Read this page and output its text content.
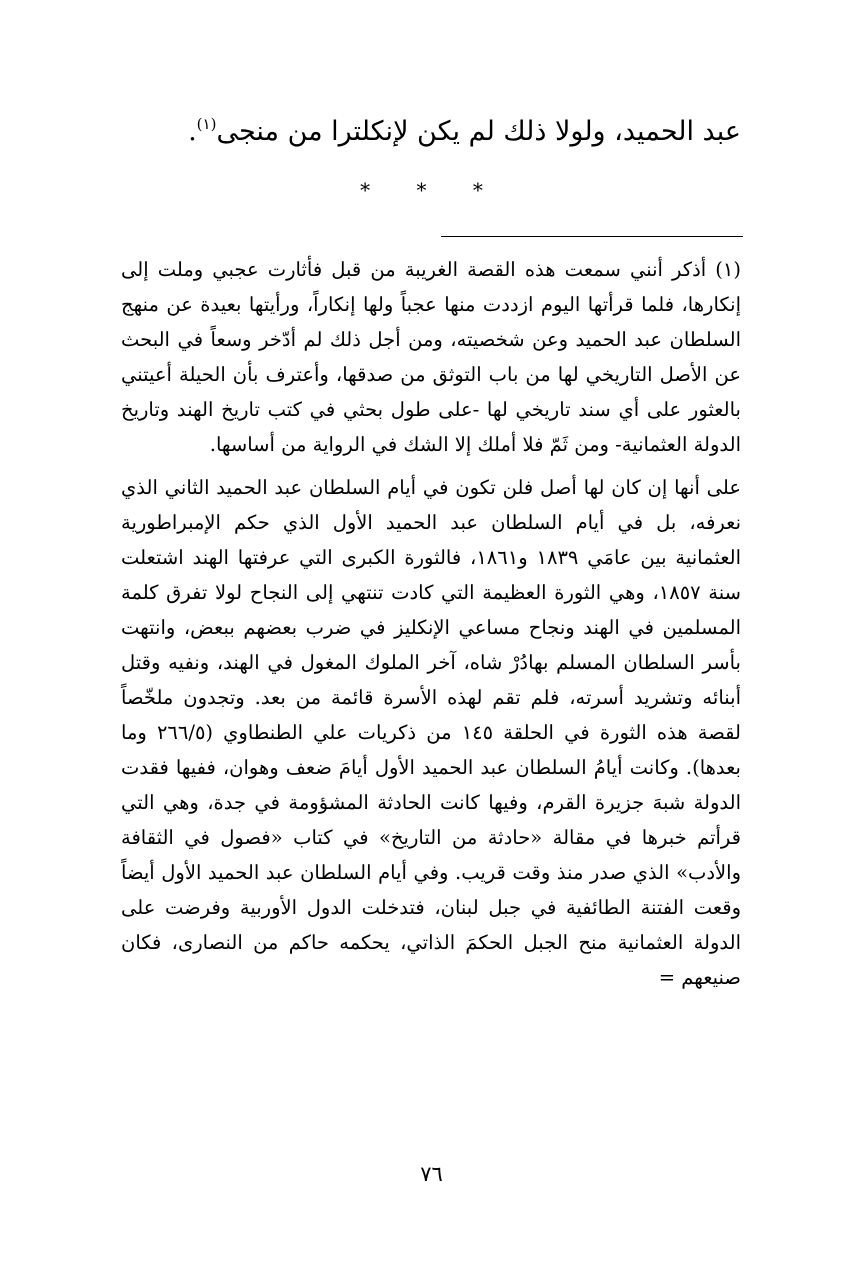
عبد الحميد، ولولا ذلك لم يكن لإنكلترا من منجى$^{(١)}$.
* * *

(١) أذكر أنني سمعت هذه القصة الغريبة من قبل فأثارت عجبي وملت إلى إنكارها، فلما قرأتها اليوم ازددت منها عجباً ولها إنكاراً، ورأيتها بعيدة عن منهج السلطان عبد الحميد وعن شخصيته، ومن أجل ذلك لم أدّخر وسعاً في البحث عن الأصل التاريخي لها من باب التوثق من صدقها، وأعترف بأن الحيلة أعيتني بالعثور على أي سند تاريخي لها -على طول بحثي في كتب تاريخ الهند وتاريخ الدولة العثمانية- ومن ثَمّ فلا أملك إلا الشك في الرواية من أساسها.

على أنها إن كان لها أصل فلن تكون في أيام السلطان عبد الحميد الثاني الذي نعرفه، بل في أيام السلطان عبد الحميد الأول الذي حكم الإمبراطورية العثمانية بين عامَي ١٨٣٩ و١٨٦١، فالثورة الكبرى التي عرفتها الهند اشتعلت سنة ١٨٥٧، وهي الثورة العظيمة التي كادت تنتهي إلى النجاح لولا تفرق كلمة المسلمين في الهند ونجاح مساعي الإنكليز في ضرب بعضهم ببعض، وانتهت بأسر السلطان المسلم بهادُرْ شاه، آخر الملوك المغول في الهند، ونفيه وقتل أبنائه وتشريد أسرته، فلم تقم لهذه الأسرة قائمة من بعد. وتجدون ملخّصاً لقصة هذه الثورة في الحلقة ١٤٥ من ذكريات علي الطنطاوي (٢٦٦/٥ وما بعدها). وكانت أيامُ السلطان عبد الحميد الأول أيامَ ضعف وهوان، ففيها فقدت الدولة شبهَ جزيرة القرم، وفيها كانت الحادثة المشؤومة في جدة، وهي التي قرأتم خبرها في مقالة «حادثة من التاريخ» في كتاب «فصول في الثقافة والأدب» الذي صدر منذ وقت قريب. وفي أيام السلطان عبد الحميد الأول أيضاً وقعت الفتنة الطائفية في جبل لبنان، فتدخلت الدول الأوربية وفرضت على الدولة العثمانية منح الجبل الحكمَ الذاتي، يحكمه حاكم من النصارى، فكان صنيعهم =

٧٦
